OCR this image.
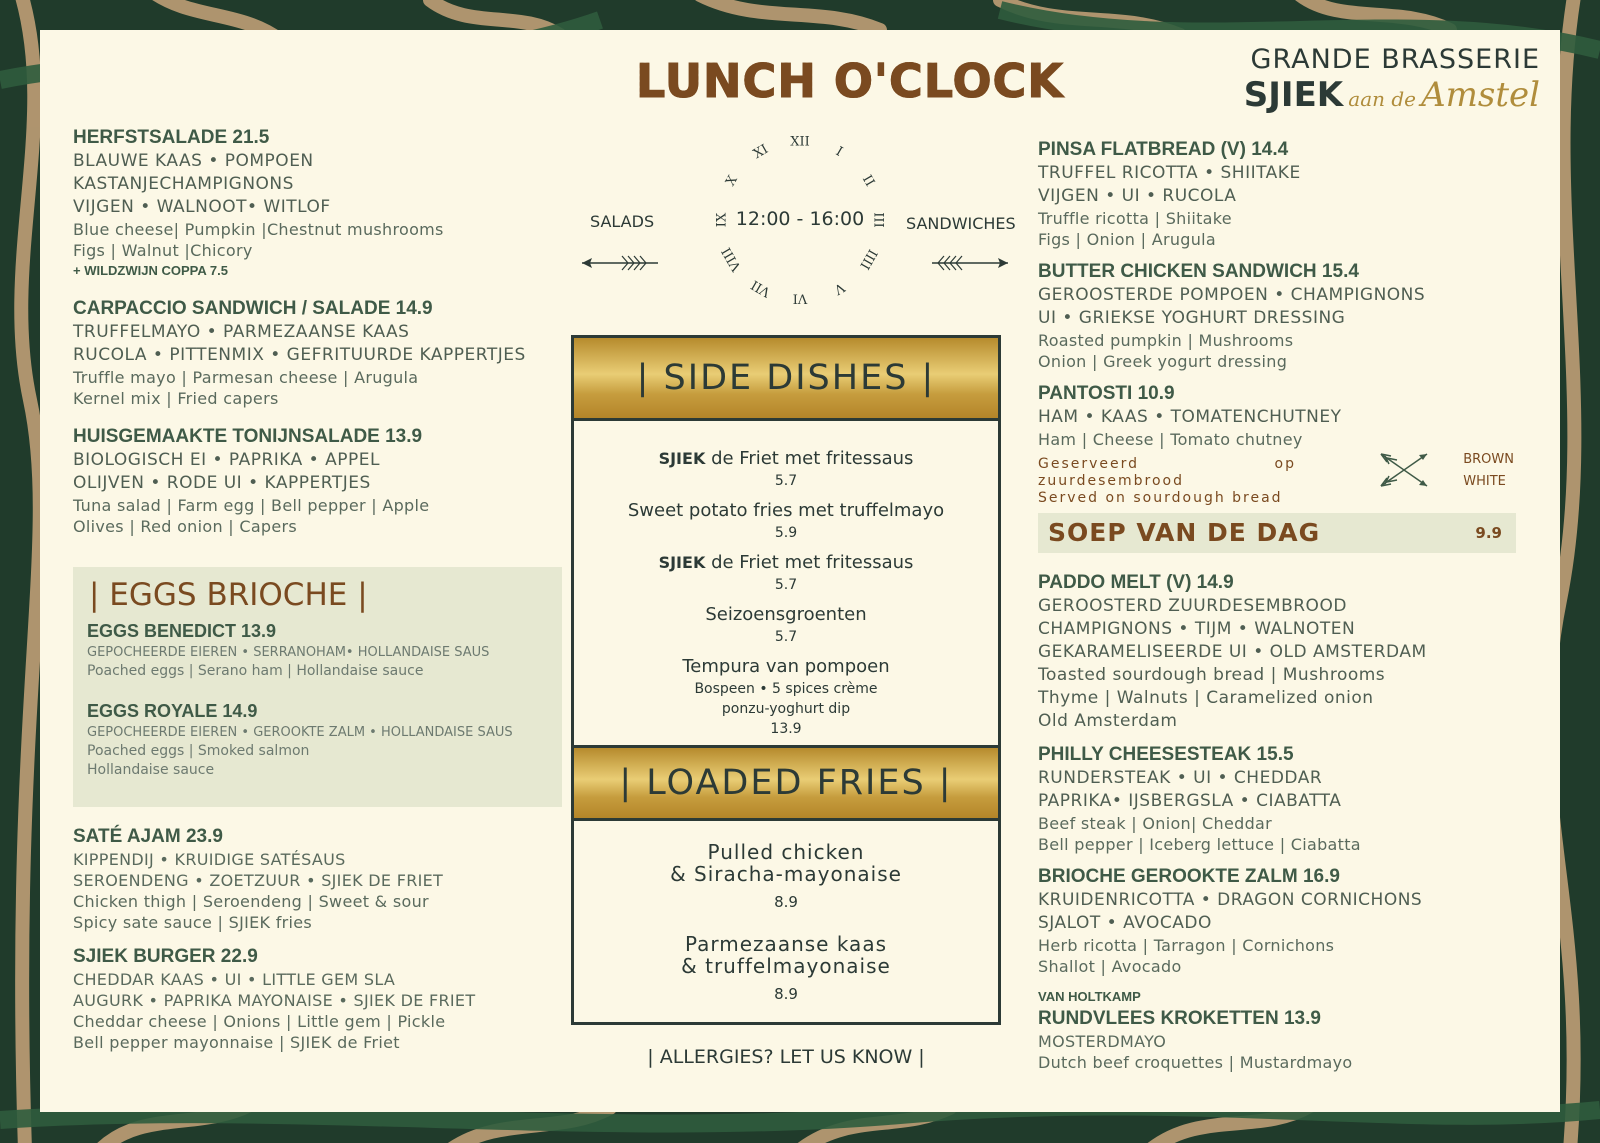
LUNCH O'CLOCK	GRANDE BRASSERIE
SJIEK aan de Amstel
HERFSTSALADE 21.5
BLAUWE KAAS • POMPOEN
KASTANJECHAMPIGNONS
VIJGEN • WALNOOT• WITLOF
Blue cheese| Pumpkin |Chestnut mushrooms
Figs | Walnut |Chicory
+ WILDZWIJN COPPA 7.5
CARPACCIO SANDWICH / SALADE 14.9
TRUFFELMAYO • PARMEZAANSE KAAS
RUCOLA • PITTENMIX • GEFRITUURDE KAPPERTJES
Truffle mayo | Parmesan cheese | Arugula
Kernel mix | Fried capers
HUISGEMAAKTE TONIJNSALADE 13.9
BIOLOGISCH EI • PAPRIKA • APPEL
OLIJVEN • RODE UI • KAPPERTJES
Tuna salad | Farm egg | Bell pepper | Apple
Olives | Red onion | Capers
| EGGS BRIOCHE |
EGGS BENEDICT 13.9
GEPOCHEERDE EIEREN • SERRANOHAM• HOLLANDAISE SAUS
Poached eggs | Serano ham | Hollandaise sauce
EGGS ROYALE 14.9
GEPOCHEERDE EIEREN • GEROOKTE ZALM • HOLLANDAISE SAUS
Poached eggs | Smoked salmon
Hollandaise sauce
SATÉ AJAM 23.9
KIPPENDIJ • KRUIDIGE SATÉSAUS
SEROENDENG • ZOETZUUR • SJIEK DE FRIET
Chicken thigh | Seroendeng | Sweet & sour
Spicy sate sauce | SJIEK fries
SJIEK BURGER 22.9
CHEDDAR KAAS • UI • LITTLE GEM SLA
AUGURK • PAPRIKA MAYONAISE • SJIEK DE FRIET
Cheddar cheese | Onions | Little gem | Pickle
Bell pepper mayonnaise | SJIEK de Friet
12:00 - 16:00
XII
I
II
III
IIII
V
VI
VII
VIII
IX
X
XI
SALADS	SANDWICHES
| SIDE DISHES |
SJIEK de Friet met fritessaus
5.7
Sweet potato fries met truffelmayo
5.9
SJIEK de Friet met fritessaus
5.7
Seizoensgroenten
5.7
Tempura van pompoen
Bospeen • 5 spices crème
ponzu-yoghurt dip
13.9
| LOADED FRIES |
Pulled chicken
& Siracha-mayonaise
8.9
Parmezaanse kaas
& truffelmayonaise
8.9
| ALLERGIES? LET US KNOW |
PINSA FLATBREAD (V) 14.4
TRUFFEL RICOTTA • SHIITAKE
VIJGEN • UI • RUCOLA
Truffle ricotta | Shiitake
Figs | Onion | Arugula
BUTTER CHICKEN SANDWICH 15.4
GEROOSTERDE POMPOEN • CHAMPIGNONS
UI • GRIEKSE YOGHURT DRESSING
Roasted pumpkin | Mushrooms
Onion | Greek yogurt dressing
PANTOSTI 10.9
HAM • KAAS • TOMATENCHUTNEY
Ham | Cheese | Tomato chutney
Geserveerd op zuurdesembrood
Served on sourdough bread
SOEP VAN DE DAG	9.9
PADDO MELT (V) 14.9
GEROOSTERD ZUURDESEMBROOD
CHAMPIGNONS • TIJM • WALNOTEN
GEKARAMELISEERDE UI • OLD AMSTERDAM
Toasted sourdough bread | Mushrooms
Thyme | Walnuts | Caramelized onion
Old Amsterdam
PHILLY CHEESESTEAK 15.5
RUNDERSTEAK • UI • CHEDDAR
PAPRIKA• IJSBERGSLA • CIABATTA
Beef steak | Onion| Cheddar
Bell pepper | Iceberg lettuce | Ciabatta
BRIOCHE GEROOKTE ZALM 16.9
KRUIDENRICOTTA • DRAGON CORNICHONS
SJALOT • AVOCADO
Herb ricotta | Tarragon | Cornichons
Shallot | Avocado
VAN HOLTKAMP
RUNDVLEES KROKETTEN 13.9
MOSTERDMAYO
Dutch beef croquettes | Mustardmayo
BROWN
WHITE
